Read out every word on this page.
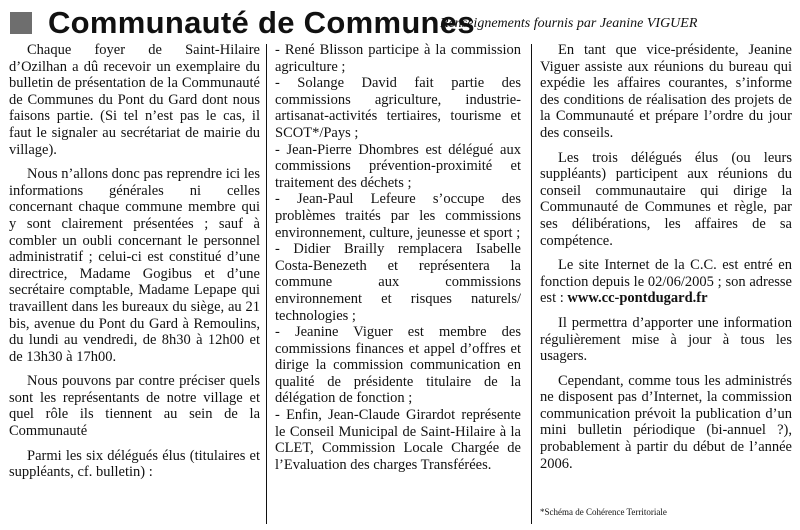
Communauté de Communes
Renseignements fournis par Jeanine VIGUER

Chaque foyer de Saint-Hilaire d’Ozilhan a dû recevoir un exemplaire du bulletin de présentation de la Communauté de Communes du Pont du Gard dont nous faisons partie. (Si tel n’est pas le cas, il faut le signaler au secrétariat de mairie du village).

Nous n’allons donc pas reprendre ici les informations générales ni celles concernant chaque commune membre qui y sont clairement présentées ; sauf à combler un oubli concernant le personnel administratif ; celui-ci est constitué d’une directrice, Madame Gogibus et d’une secrétaire comptable, Madame Lepape qui travaillent dans les bureaux du siège, au 21 bis, avenue du Pont du Gard à Remoulins, du lundi au vendredi, de 8h30 à 12h00 et de 13h30 à 17h00.

Nous pouvons par contre préciser quels sont les représentants de notre village et quel rôle ils tiennent au sein de la Communauté

Parmi les six délégués élus (titulaires et suppléants, cf. bulletin) :

- René Blisson participe à la commission agriculture ;

- Solange David fait partie des commissions agriculture, industrie-artisanat-activités tertiaires, tourisme et SCOT*/Pays ;

- Jean-Pierre Dhombres est délégué aux commissions prévention-proximité et traitement des déchets ;

- Jean-Paul Lefeure s’occupe des problèmes traités par les commissions environnement, culture, jeunesse et sport ;

- Didier Brailly remplacera Isabelle Costa-Benezeth et représentera la commune aux commissions environnement et risques naturels/ technologies ;

- Jeanine Viguer est membre des commissions finances et appel d’offres et dirige la commission communication en qualité de présidente titulaire de la délégation de fonction ;

- Enfin, Jean-Claude Girardot représente le Conseil Municipal de Saint-Hilaire à la CLET, Commission Locale Chargée de l’Evaluation des charges Transférées.

En tant que vice-présidente, Jeanine Viguer assiste aux réunions du bureau qui expédie les affaires courantes, s’informe des conditions de réalisation des projets de la Communauté et prépare l’ordre du jour des conseils.

Les trois délégués élus (ou leurs suppléants) participent aux réunions du conseil communautaire qui dirige la Communauté de Communes et règle, par ses délibérations, les affaires de sa compétence.

Le site Internet de la C.C. est entré en fonction depuis le 02/06/2005 ; son adresse est : www.cc-pontdugard.fr

Il permettra d’apporter une information régulièrement mise à jour à tous les usagers.

Cependant, comme tous les administrés ne disposent pas d’Internet, la commission communication prévoit la publication d’un mini bulletin périodique (bi-annuel ?), probablement à partir du début de l’année 2006.

*Schéma de Cohérence Territoriale
